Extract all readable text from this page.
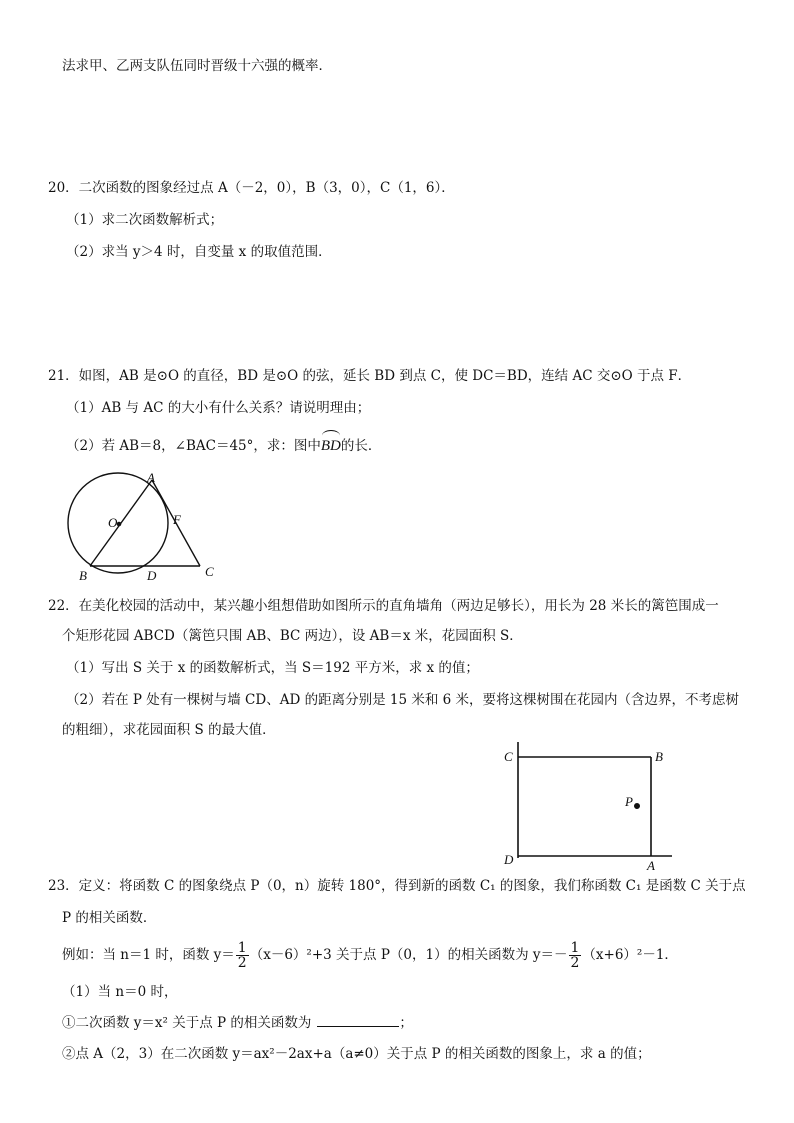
法求甲、乙两支队伍同时晋级十六强的概率．
20．二次函数的图象经过点 A（－2，0），B（3，0），C（1，6）．
（1）求二次函数解析式；
（2）求当 y＞4 时，自变量 x 的取值范围．
21．如图，AB 是⊙O 的直径，BD 是⊙O 的弦，延长 BD 到点 C，使 DC＝BD，连结 AC 交⊙O 于点 F．
（1）AB 与 AC 的大小有什么关系？请说明理由；
（2）若 AB＝8，∠BAC＝45°，求：图中BD的长．
A
O	F
B	D	C
22．在美化校园的活动中，某兴趣小组想借助如图所示的直角墙角（两边足够长），用长为 28 米长的篱笆围成一
个矩形花园 ABCD（篱笆只围 AB、BC 两边），设 AB＝x 米，花园面积 S．
（1）写出 S 关于 x 的函数解析式，当 S＝192 平方米，求 x 的值；
（2）若在 P 处有一棵树与墙 CD、AD 的距离分别是 15 米和 6 米，要将这棵树围在花园内（含边界，不考虑树
的粗细），求花园面积 S 的最大值．
C	B
P
D	A
23．定义：将函数 C 的图象绕点 P（0，n）旋转 180°，得到新的函数 C₁ 的图象，我们称函数 C₁ 是函数 C 关于点
P 的相关函数．
例如：当 n＝1 时，函数 $y= \frac{1}{2} (x-6)^2+3$ 关于点 P（0，1）的相关函数为 $y=- \frac{1}{2} (x+6)^2-1$．
（1）当 n＝0 时，
①二次函数 y＝x² 关于点 P 的相关函数为	；
②点 A（2，3）在二次函数 y＝ax²－2ax+a（a≠0）关于点 P 的相关函数的图象上，求 a 的值；
